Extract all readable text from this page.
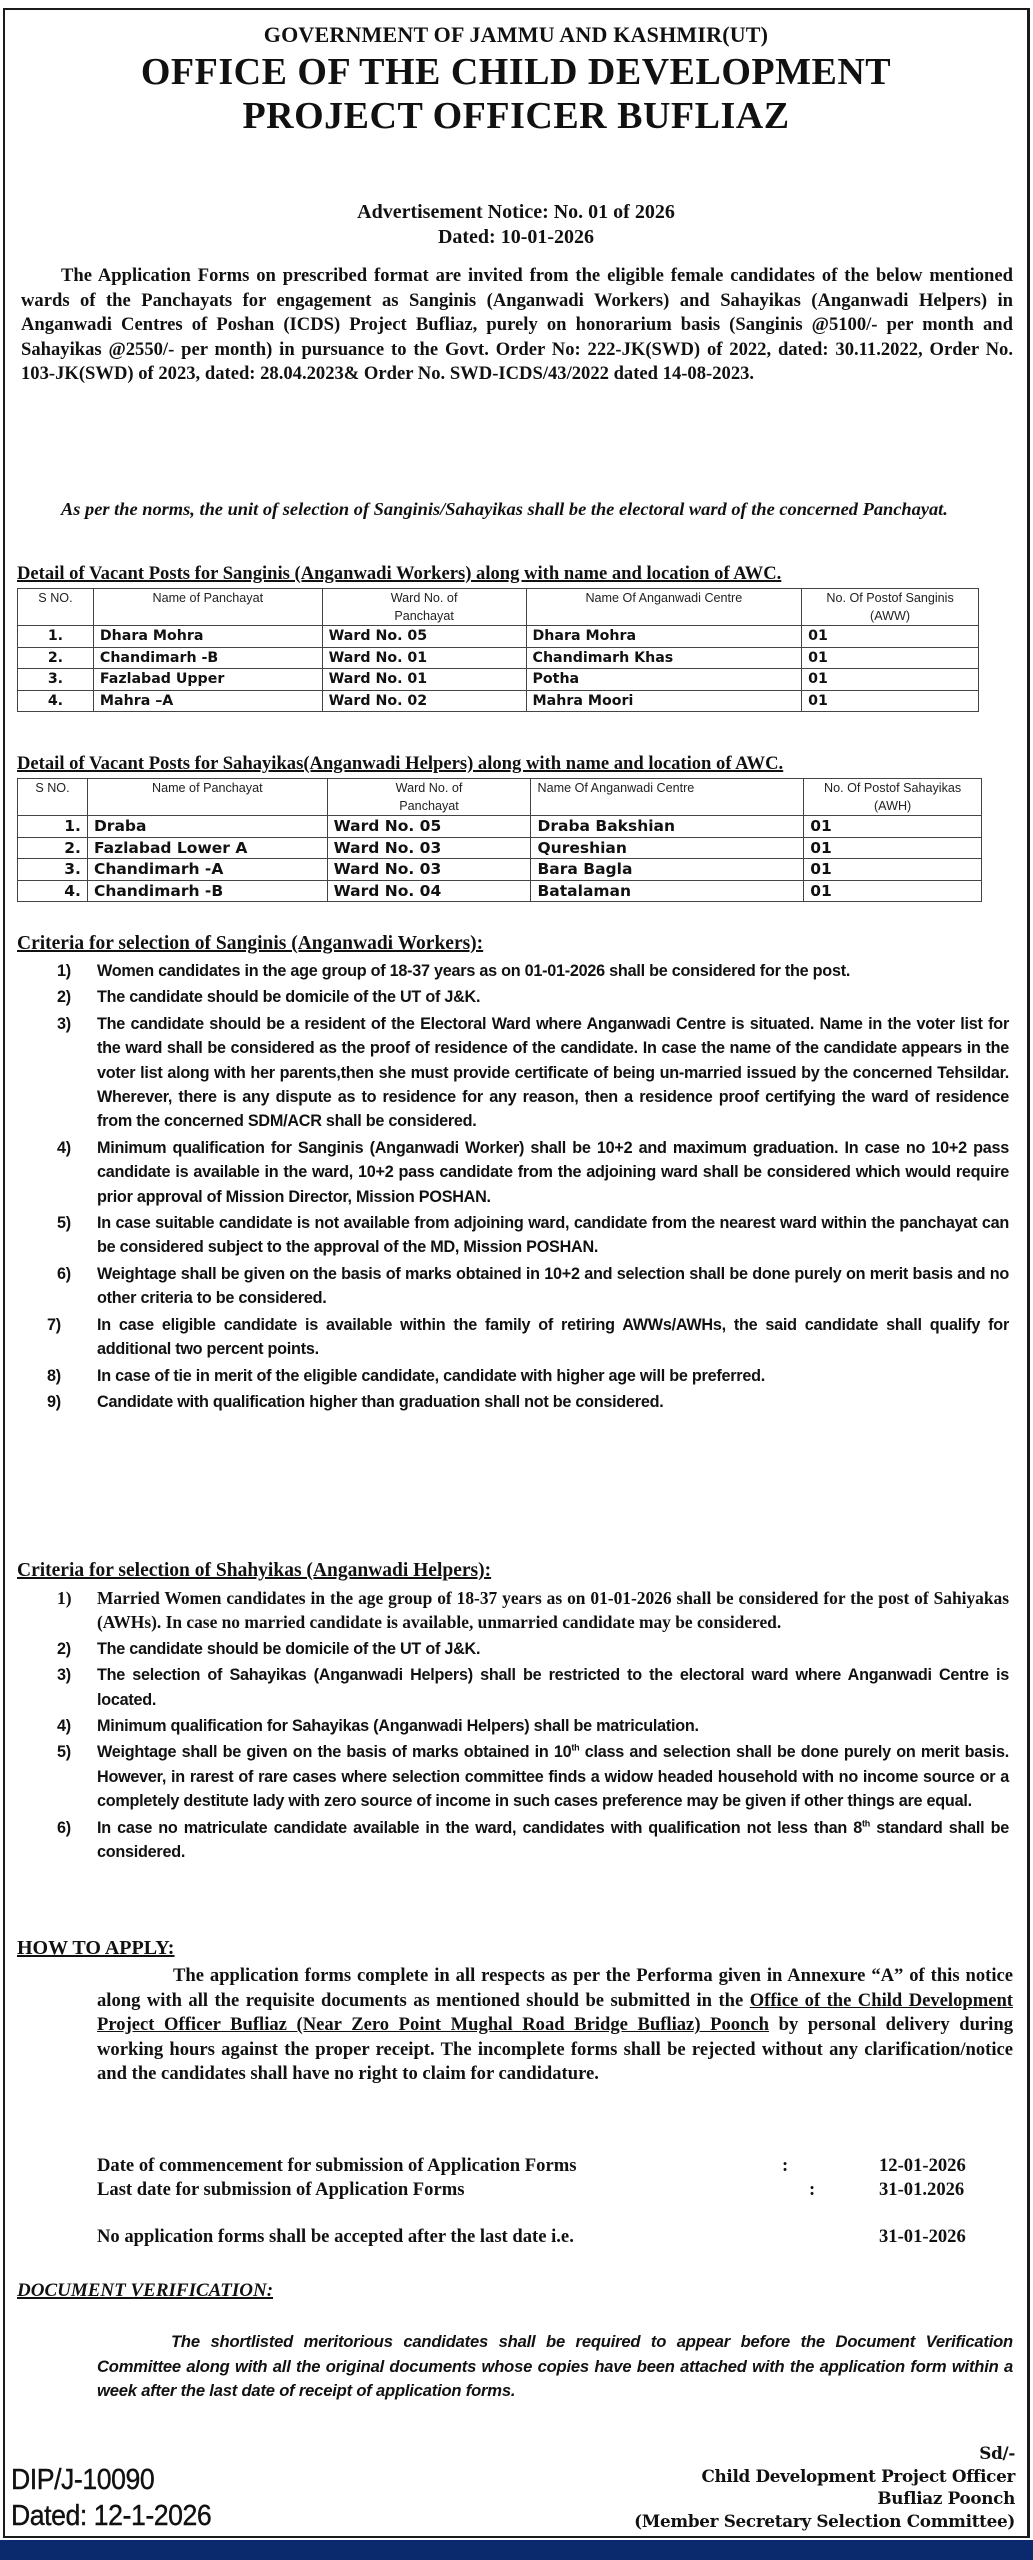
GOVERNMENT OF JAMMU AND KASHMIR(UT)
OFFICE OF THE CHILD DEVELOPMENT
PROJECT OFFICER BUFLIAZ
Advertisement Notice: No. 01 of 2026
Dated: 10-01-2026
The Application Forms on prescribed format are invited from the eligible female candidates of the below mentioned wards of the Panchayats for engagement as Sanginis (Anganwadi Workers) and Sahayikas (Anganwadi Helpers) in Anganwadi Centres of Poshan (ICDS) Project Bufliaz, purely on honorarium basis (Sanginis @5100/- per month and Sahayikas @2550/- per month) in pursuance to the Govt. Order No: 222-JK(SWD) of 2022, dated: 30.11.2022, Order No. 103-JK(SWD) of 2023, dated: 28.04.2023& Order No. SWD-ICDS/43/2022 dated 14-08-2023.
As per the norms, the unit of selection of Sanginis/Sahayikas shall be the electoral ward of the concerned Panchayat.
Detail of Vacant Posts for Sanginis (Anganwadi Workers) along with name and location of AWC.
S NO.	Name of Panchayat	Ward No. of Panchayat	Name Of Anganwadi Centre	No. Of Postof Sanginis (AWW)
1.	Dhara Mohra	Ward No. 05	Dhara Mohra	01
2.	Chandimarh -B	Ward No. 01	Chandimarh Khas	01
3.	Fazlabad Upper	Ward No. 01	Potha	01
4.	Mahra –A	Ward No. 02	Mahra Moori	01
Detail of Vacant Posts for Sahayikas(Anganwadi Helpers) along with name and location of AWC.
S NO.	Name of Panchayat	Ward No. of Panchayat	Name Of Anganwadi Centre	No. Of Postof Sahayikas (AWH)
1.	Draba	Ward No. 05	Draba Bakshian	01
2.	Fazlabad Lower A	Ward No. 03	Qureshian	01
3.	Chandimarh -A	Ward No. 03	Bara Bagla	01
4.	Chandimarh -B	Ward No. 04	Batalaman	01
Criteria for selection of Sanginis (Anganwadi Workers):
1) Women candidates in the age group of 18-37 years as on 01-01-2026 shall be considered for the post.
2) The candidate should be domicile of the UT of J&K.
3) The candidate should be a resident of the Electoral Ward where Anganwadi Centre is situated. Name in the voter list for the ward shall be considered as the proof of residence of the candidate. In case the name of the candidate appears in the voter list along with her parents,then she must provide certificate of being un-married issued by the concerned Tehsildar. Wherever, there is any dispute as to residence for any reason, then a residence proof certifying the ward of residence from the concerned SDM/ACR shall be considered.
4) Minimum qualification for Sanginis (Anganwadi Worker) shall be 10+2 and maximum graduation. In case no 10+2 pass candidate is available in the ward, 10+2 pass candidate from the adjoining ward shall be considered which would require prior approval of Mission Director, Mission POSHAN.
5) In case suitable candidate is not available from adjoining ward, candidate from the nearest ward within the panchayat can be considered subject to the approval of the MD, Mission POSHAN.
6) Weightage shall be given on the basis of marks obtained in 10+2 and selection shall be done purely on merit basis and no other criteria to be considered.
7) In case eligible candidate is available within the family of retiring AWWs/AWHs, the said candidate shall qualify for additional two percent points.
8) In case of tie in merit of the eligible candidate, candidate with higher age will be preferred.
9) Candidate with qualification higher than graduation shall not be considered.
Criteria for selection of Shahyikas (Anganwadi Helpers):
1) Married Women candidates in the age group of 18-37 years as on 01-01-2026 shall be considered for the post of Sahiyakas (AWHs). In case no married candidate is available, unmarried candidate may be considered.
2) The candidate should be domicile of the UT of J&K.
3) The selection of Sahayikas (Anganwadi Helpers) shall be restricted to the electoral ward where Anganwadi Centre is located.
4) Minimum qualification for Sahayikas (Anganwadi Helpers) shall be matriculation.
5) Weightage shall be given on the basis of marks obtained in 10th class and selection shall be done purely on merit basis. However, in rarest of rare cases where selection committee finds a widow headed household with no income source or a completely destitute lady with zero source of income in such cases preference may be given if other things are equal.
6) In case no matriculate candidate available in the ward, candidates with qualification not less than 8th standard shall be considered.
HOW TO APPLY:
The application forms complete in all respects as per the Performa given in Annexure “A” of this notice along with all the requisite documents as mentioned should be submitted in the Office of the Child Development Project Officer Bufliaz (Near Zero Point Mughal Road Bridge Bufliaz) Poonch by personal delivery during working hours against the proper receipt. The incomplete forms shall be rejected without any clarification/notice and the candidates shall have no right to claim for candidature.
Date of commencement for submission of Application Forms	:	12-01-2026
Last date for submission of Application Forms	:	31-01.2026
No application forms shall be accepted after the last date i.e.	31-01-2026
DOCUMENT VERIFICATION:
The shortlisted meritorious candidates shall be required to appear before the Document Verification Committee along with all the original documents whose copies have been attached with the application form within a week after the last date of receipt of application forms.
DIP/J-10090
Dated: 12-1-2026
Sd/-
Child Development Project Officer
Bufliaz Poonch
(Member Secretary Selection Committee)
